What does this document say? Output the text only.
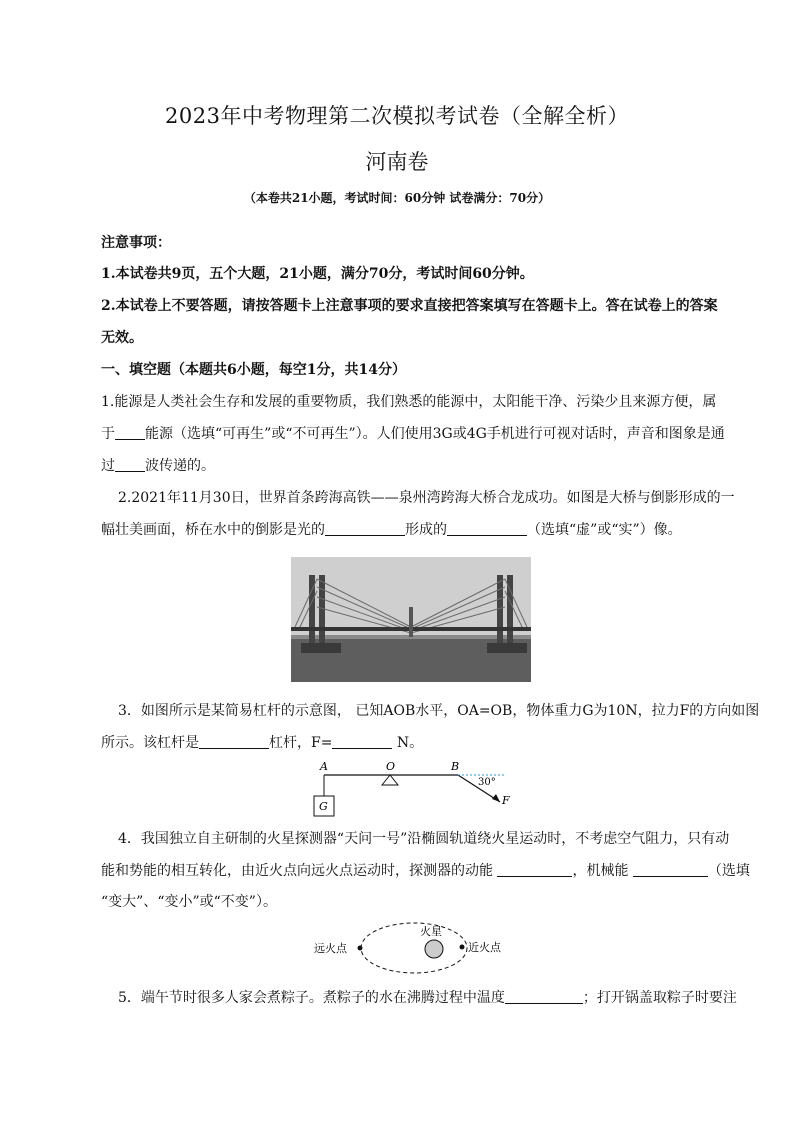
2023年中考物理第二次模拟考试卷（全解全析）
河南卷
（本卷共21小题，考试时间：60分钟 试卷满分：70分）
注意事项：
1.本试卷共9页，五个大题，21小题，满分70分，考试时间60分钟。
2.本试卷上不要答题，请按答题卡上注意事项的要求直接把答案填写在答题卡上。答在试卷上的答案
无效。
一、填空题（本题共6小题，每空1分，共14分）
1.能源是人类社会生存和发展的重要物质，我们熟悉的能源中，太阳能干净、污染少且来源方便，属
于 能源（选填“可再生”或“不可再生”）。人们使用3G或4G手机进行可视对话时，声音和图象是通
过 波传递的。
2.2021年11月30日，世界首条跨海高铁——泉州湾跨海大桥合龙成功。如图是大桥与倒影形成的一
幅壮美画面，桥在水中的倒影是光的	形成的	（选填“虚”或“实”）像。
3．如图所示是某简易杠杆的示意图， 已知AOB水平，OA=OB，物体重力G为10N，拉力F的方向如图
所示。该杠杆是	杠杆，F=	N。
A	O	B
G	F
30°
4．我国独立自主研制的火星探测器“天问一号”沿椭圆轨道绕火星运动时，不考虑空气阻力，只有动
能和势能的相互转化，由近火点向远火点运动时，探测器的动能	，机械能	（选填
“变大”、“变小”或“不变”）。
远火点
火星
近火点
5．端午节时很多人家会煮粽子。煮粽子的水在沸腾过程中温度	；打开锅盖取粽子时要注
